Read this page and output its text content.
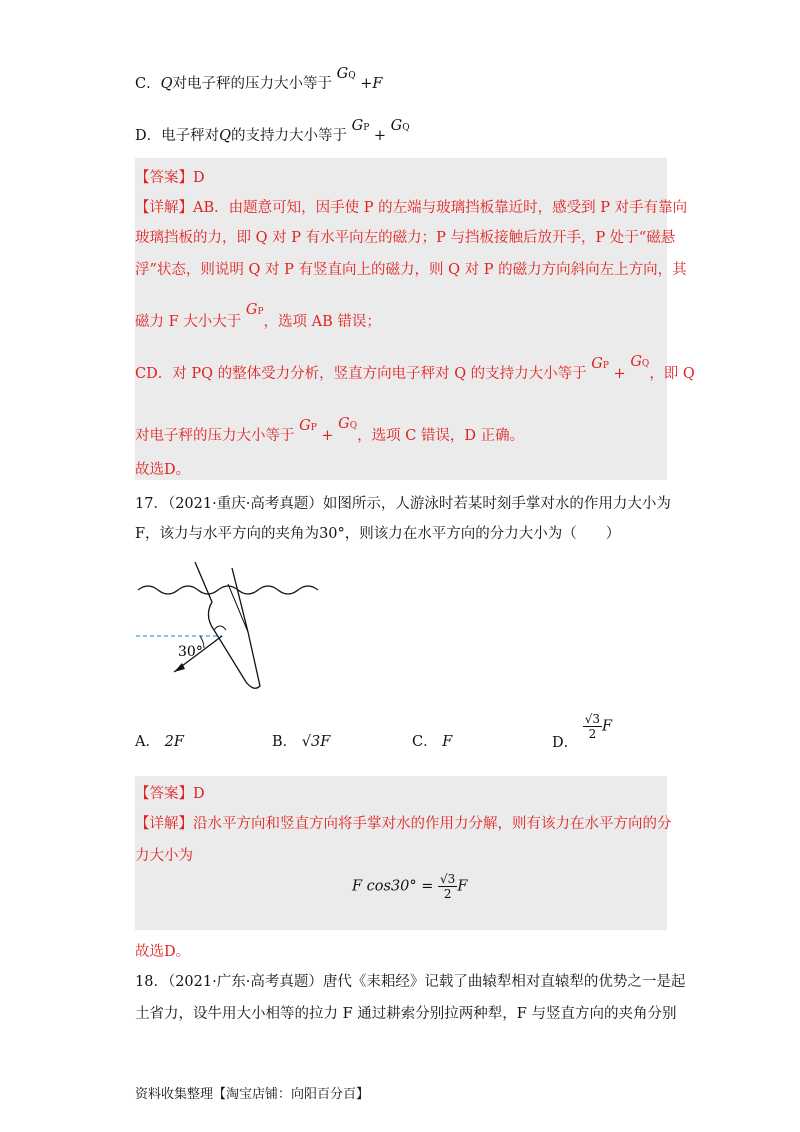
C．Q对电子秤的压力大小等于 GQ +F
D．电子秤对Q的支持力大小等于 GP + GQ
【答案】D
【详解】AB．由题意可知，因手使 P 的左端与玻璃挡板靠近时，感受到 P 对手有靠向
玻璃挡板的力，即 Q 对 P 有水平向左的磁力；P 与挡板接触后放开手，P 处于“磁悬
浮”状态，则说明 Q 对 P 有竖直向上的磁力，则 Q 对 P 的磁力方向斜向左上方向，其
磁力 F 大小大于 GP，选项 AB 错误；
CD．对 PQ 的整体受力分析，竖直方向电子秤对 Q 的支持力大小等于 GP + GQ，即 Q
对电子秤的压力大小等于 GP + GQ，选项 C 错误，D 正确。
故选D。
17．（2021·重庆·高考真题）如图所示，人游泳时若某时刻手掌对水的作用力大小为
F，该力与水平方向的夹角为30°，则该力在水平方向的分力大小为（　　）
30°
A． 2F	B． √3F	C． F	D．
$\frac{√3}{2}$ F
【答案】D
【详解】沿水平方向和竖直方向将手掌对水的作用力分解，则有该力在水平方向的分
力大小为
F $\cos 30^\circ = \frac{√3}{2}$ F
故选D。
18．（2021·广东·高考真题）唐代《耒耜经》记载了曲辕犁相对直辕犁的优势之一是起
土省力，设牛用大小相等的拉力 F 通过耕索分别拉两种犁，F 与竖直方向的夹角分别
资料收集整理【淘宝店铺：向阳百分百】
